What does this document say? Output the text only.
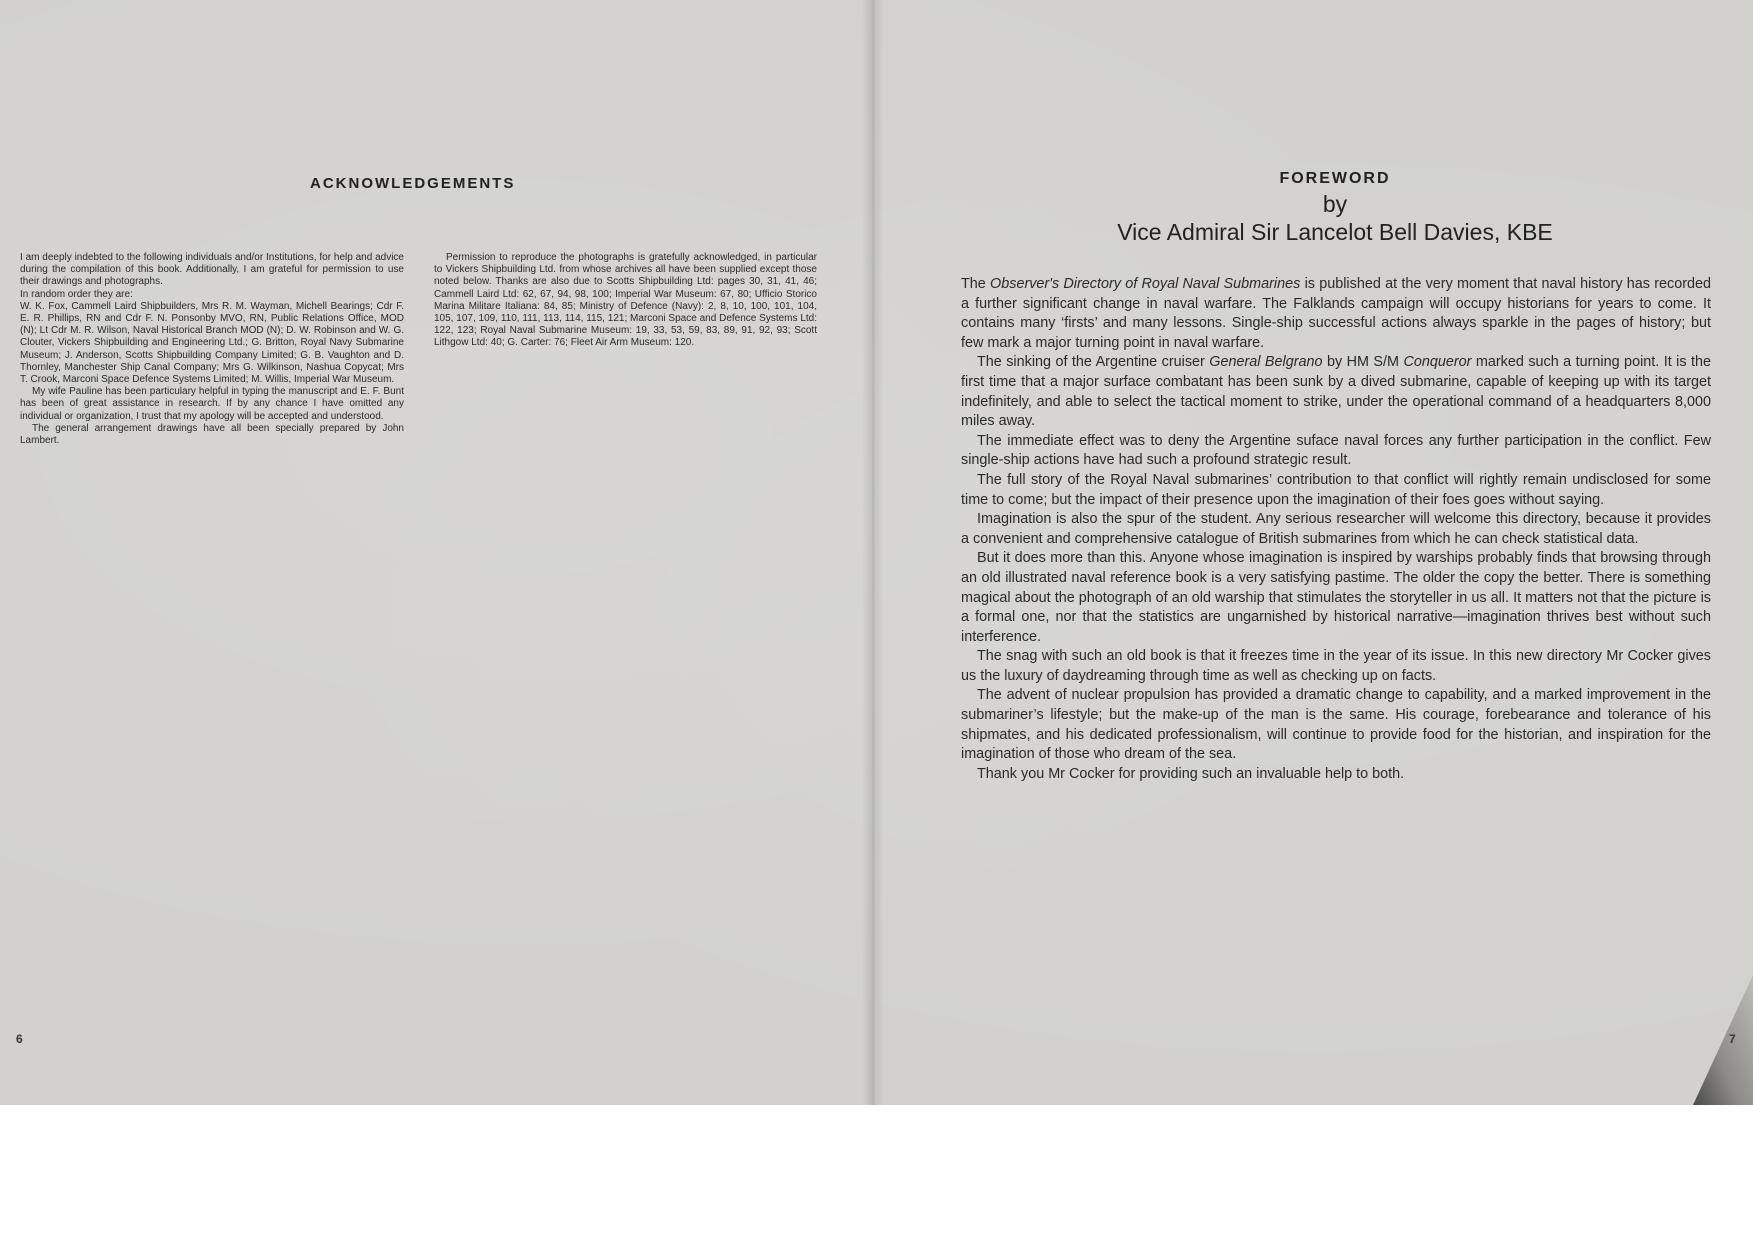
ACKNOWLEDGEMENTS

I am deeply indebted to the following individuals and/or Institutions, for help and advice during the compilation of this book. Additionally, I am grateful for permission to use their drawings and photographs.

In random order they are:

W. K. Fox, Cammell Laird Shipbuilders, Mrs R. M. Wayman, Michell Bearings; Cdr F. E. R. Phillips, RN and Cdr F. N. Ponsonby MVO, RN, Public Relations Office, MOD (N); Lt Cdr M. R. Wilson, Naval Historical Branch MOD (N); D. W. Robinson and W. G. Clouter, Vickers Shipbuilding and Engineering Ltd.; G. Britton, Royal Navy Submarine Museum; J. Anderson, Scotts Shipbuilding Company Limited; G. B. Vaughton and D. Thornley, Manchester Ship Canal Company; Mrs G. Wilkinson, Nashua Copycat; Mrs T. Crook, Marconi Space Defence Systems Limited; M. Willis, Imperial War Museum.

My wife Pauline has been particulary helpful in typing the manuscript and E. F. Bunt has been of great assistance in research. If by any chance I have omitted any individual or organization, I trust that my apology will be accepted and understood.

The general arrangement drawings have all been specially prepared by John Lambert.

Permission to reproduce the photographs is gratefully acknowledged, in particular to Vickers Shipbuilding Ltd. from whose archives all have been supplied except those noted below. Thanks are also due to Scotts Shipbuilding Ltd: pages 30, 31, 41, 46; Cammell Laird Ltd: 62, 67, 94, 98, 100; Imperial War Museum: 67, 80; Ufficio Storico Marina Militare Italiana: 84, 85; Ministry of Defence (Navy): 2, 8, 10, 100, 101, 104, 105, 107, 109, 110, 111, 113, 114, 115, 121; Marconi Space and Defence Systems Ltd: 122, 123; Royal Naval Submarine Museum: 19, 33, 53, 59, 83, 89, 91, 92, 93; Scott Lithgow Ltd: 40; G. Carter: 76; Fleet Air Arm Museum: 120.

6

FOREWORD

by

Vice Admiral Sir Lancelot Bell Davies, KBE

The Observer's Directory of Royal Naval Submarines is published at the very moment that naval history has recorded a further significant change in naval warfare. The Falklands campaign will occupy historians for years to come. It contains many ‘firsts’ and many lessons. Single-ship successful actions always sparkle in the pages of history; but few mark a major turning point in naval warfare.

The sinking of the Argentine cruiser General Belgrano by HM S/M Conqueror marked such a turning point. It is the first time that a major surface combatant has been sunk by a dived submarine, capable of keeping up with its target indefinitely, and able to select the tactical moment to strike, under the operational command of a headquarters 8,000 miles away.

The immediate effect was to deny the Argentine suface naval forces any further participation in the conflict. Few single-ship actions have had such a profound strategic result.

The full story of the Royal Naval submarines’ contribution to that conflict will rightly remain undisclosed for some time to come; but the impact of their presence upon the imagination of their foes goes without saying.

Imagination is also the spur of the student. Any serious researcher will welcome this directory, because it provides a convenient and comprehensive catalogue of British submarines from which he can check statistical data.

But it does more than this. Anyone whose imagination is inspired by warships probably finds that browsing through an old illustrated naval reference book is a very satisfying pastime. The older the copy the better. There is something magical about the photograph of an old warship that stimulates the storyteller in us all. It matters not that the picture is a formal one, nor that the statistics are ungarnished by historical narrative—imagination thrives best without such interference.

The snag with such an old book is that it freezes time in the year of its issue. In this new directory Mr Cocker gives us the luxury of daydreaming through time as well as checking up on facts.

The advent of nuclear propulsion has provided a dramatic change to capability, and a marked improvement in the submariner’s lifestyle; but the make-up of the man is the same. His courage, forebearance and tolerance of his shipmates, and his dedicated professionalism, will continue to provide food for the historian, and inspiration for the imagination of those who dream of the sea.

Thank you Mr Cocker for providing such an invaluable help to both.

7
